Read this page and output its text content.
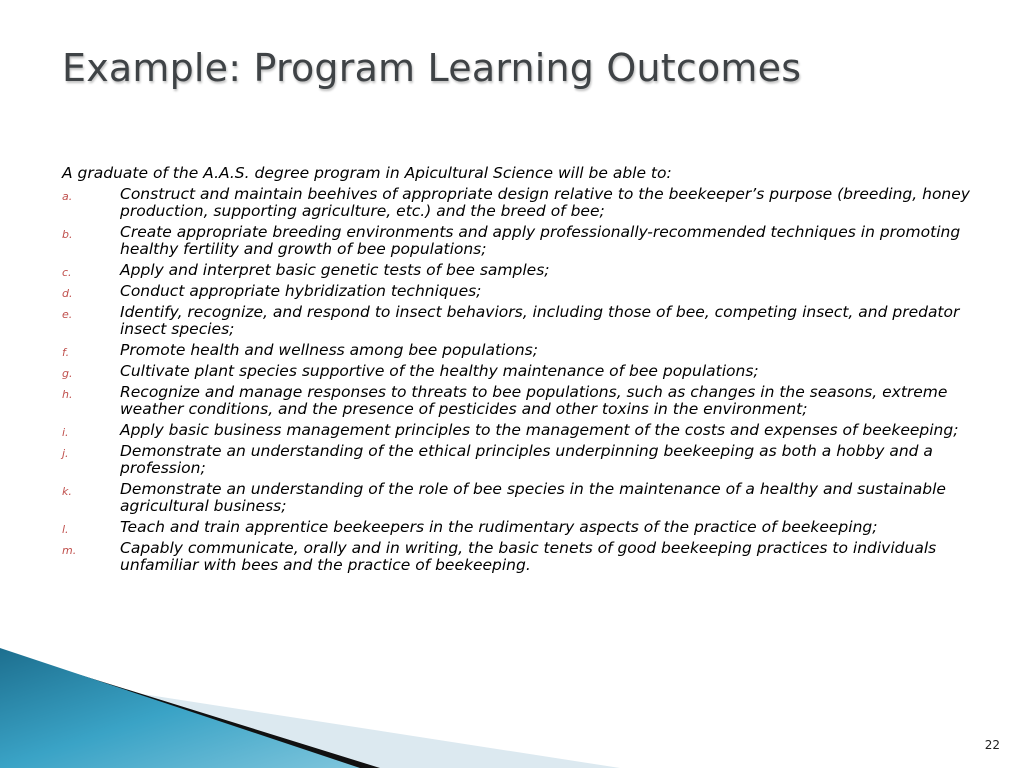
Example: Program Learning Outcomes
A graduate of the A.A.S. degree program in Apicultural Science will be able to:
a.	Construct and maintain beehives of appropriate design relative to the beekeeper’s purpose (breeding, honey production, supporting agriculture, etc.) and the breed of bee;
b.	Create appropriate breeding environments and apply professionally-recommended techniques in promoting healthy fertility and growth of bee populations;
c.	Apply and interpret basic genetic tests of bee samples;
d.	Conduct appropriate hybridization techniques;
e.	Identify, recognize, and respond to insect behaviors, including those of bee, competing insect, and predator insect species;
f.	Promote health and wellness among bee populations;
g.	Cultivate plant species supportive of the healthy maintenance of bee populations;
h.	Recognize and manage responses to threats to bee populations, such as changes in the seasons, extreme weather conditions, and the presence of pesticides and other toxins in the environment;
i.	Apply basic business management principles to the management of the costs and expenses of beekeeping;
j.	Demonstrate an understanding of the ethical principles underpinning beekeeping as both a hobby and a profession;
k.	Demonstrate an understanding of the role of bee species in the maintenance of a healthy and sustainable agricultural business;
l.	Teach and train apprentice beekeepers in the rudimentary aspects of the practice of beekeeping;
m.	Capably communicate, orally and in writing, the basic tenets of good beekeeping practices to individuals unfamiliar with bees and the practice of beekeeping.
22
